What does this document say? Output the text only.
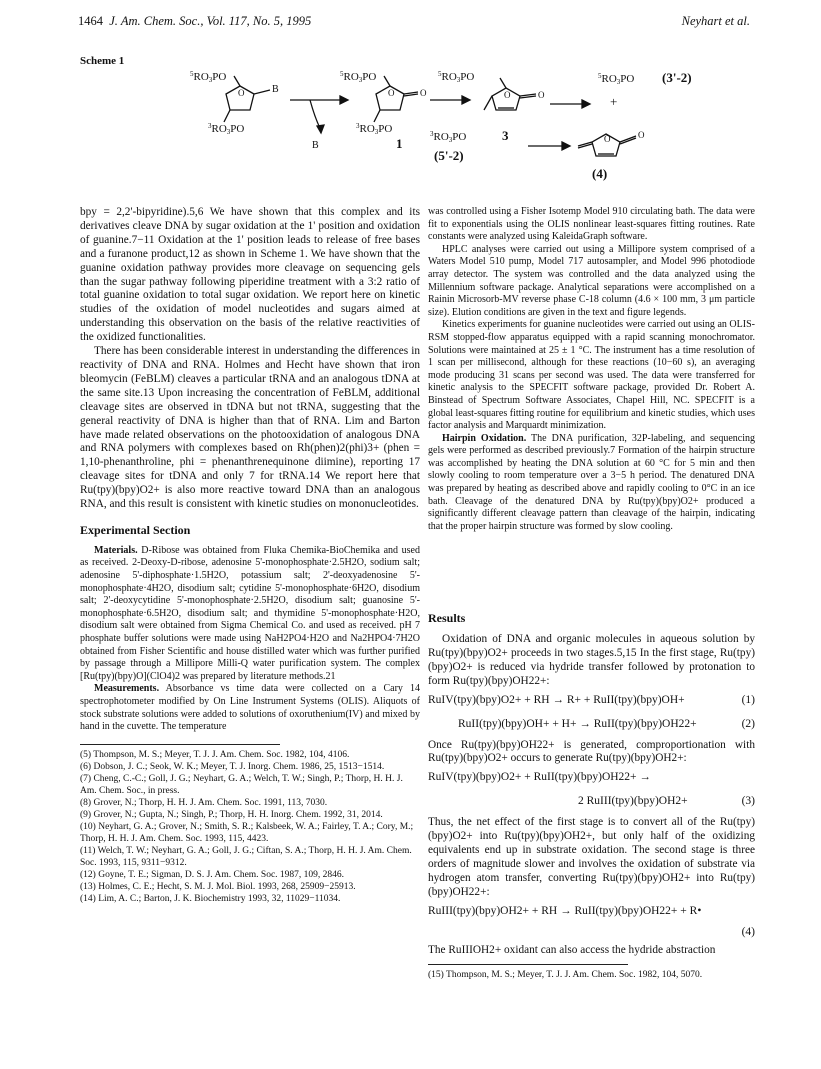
1464 J. Am. Chem. Soc., Vol. 117, No. 5, 1995	Neyhart et al.
Scheme 1
$^5$RO3PO
O	B
$^3$RO3PO
B
$^5$RO3PO
O	O
$^3$RO3PO
1
$^5$RO3PO
O	O
$^3$RO3PO	3
(5'-2)
$^5$RO3PO (3'-2)
+
O	O
(4)

bpy = 2,2'-bipyridine).5,6 We have shown that this complex and its derivatives cleave DNA by sugar oxidation at the 1' position and oxidation of guanine.7−11 Oxidation at the 1' position leads to release of free bases and a furanone product,12 as shown in Scheme 1. We have shown that the guanine oxidation pathway provides more cleavage on sequencing gels than the sugar pathway following piperidine treatment with a 3:2 ratio of total guanine oxidation to total sugar oxidation. We report here on kinetic studies of the oxidation of model nucleotides and sugars aimed at understanding this observation on the basis of the relative reactivities of the oxidized functionalities.

There has been considerable interest in understanding the differences in reactivity of DNA and RNA. Holmes and Hecht have shown that iron bleomycin (FeBLM) cleaves a particular tRNA and an analogous tDNA at the same site.13 Upon increasing the concentration of FeBLM, additional cleavage sites are observed in tDNA but not tRNA, suggesting that the general reactivity of DNA is higher than that of RNA. Lim and Barton have made related observations on the photooxidation of analogous DNA and RNA polymers with complexes based on Rh(phen)2(phi)3+ (phen = 1,10-phenanthroline, phi = phenanthrenequinone diimine), reporting 17 cleavage sites for tDNA and only 7 for tRNA.14 We report here that Ru(tpy)(bpy)O2+ is also more reactive toward DNA than an analogous RNA, and this result is consistent with kinetic studies on mononucleotides.

Experimental Section

Materials. D-Ribose was obtained from Fluka Chemika-BioChemika and used as received. 2-Deoxy-D-ribose, adenosine 5'-monophosphate·2.5H2O, sodium salt; adenosine 5'-diphosphate·1.5H2O, potassium salt; 2'-deoxyadenosine 5'-monophosphate·4H2O, disodium salt; cytidine 5'-monophosphate·6H2O, disodium salt; 2'-deoxycytidine 5'-monophosphate·2.5H2O, disodium salt; guanosine 5'-monophosphate·6.5H2O, disodium salt; and thymidine 5'-monophosphate·H2O, disodium salt were obtained from Sigma Chemical Co. and used as received. pH 7 phosphate buffer solutions were made using NaH2PO4·H2O and Na2HPO4·7H2O obtained from Fisher Scientific and house distilled water which was further purified by passage through a Millipore Milli-Q water purification system. The complex [Ru(tpy)(bpy)O](ClO4)2 was prepared by literature methods.21

Measurements. Absorbance vs time data were collected on a Cary 14 spectrophotometer modified by On Line Instrument Systems (OLIS). Aliquots of stock substrate solutions were added to solutions of oxoruthenium(IV) and mixed by hand in the cuvette. The temperature

(5) Thompson, M. S.; Meyer, T. J. J. Am. Chem. Soc. 1982, 104, 4106.
(6) Dobson, J. C.; Seok, W. K.; Meyer, T. J. Inorg. Chem. 1986, 25, 1513−1514.
(7) Cheng, C.-C.; Goll, J. G.; Neyhart, G. A.; Welch, T. W.; Singh, P.; Thorp, H. H. J. Am. Chem. Soc., in press.
(8) Grover, N.; Thorp, H. H. J. Am. Chem. Soc. 1991, 113, 7030.
(9) Grover, N.; Gupta, N.; Singh, P.; Thorp, H. H. Inorg. Chem. 1992, 31, 2014.
(10) Neyhart, G. A.; Grover, N.; Smith, S. R.; Kalsbeek, W. A.; Fairley, T. A.; Cory, M.; Thorp, H. H. J. Am. Chem. Soc. 1993, 115, 4423.
(11) Welch, T. W.; Neyhart, G. A.; Goll, J. G.; Ciftan, S. A.; Thorp, H. H. J. Am. Chem. Soc. 1993, 115, 9311−9312.
(12) Goyne, T. E.; Sigman, D. S. J. Am. Chem. Soc. 1987, 109, 2846.
(13) Holmes, C. E.; Hecht, S. M. J. Mol. Biol. 1993, 268, 25909−25913.
(14) Lim, A. C.; Barton, J. K. Biochemistry 1993, 32, 11029−11034.

was controlled using a Fisher Isotemp Model 910 circulating bath. The data were fit to exponentials using the OLIS nonlinear least-squares fitting routines. Rate constants were analyzed using KaleidaGraph software.

HPLC analyses were carried out using a Millipore system comprised of a Waters Model 510 pump, Model 717 autosampler, and Model 996 photodiode array detector. The system was controlled and the data analyzed using the Millennium software package. Analytical separations were accomplished on a Rainin Microsorb-MV reverse phase C-18 column (4.6 × 100 mm, 3 μm particle size). Elution conditions are given in the text and figure legends.

Kinetics experiments for guanine nucleotides were carried out using an OLIS-RSM stopped-flow apparatus equipped with a rapid scanning monochromator. Solutions were maintained at 25 ± 1 °C. The instrument has a time resolution of 1 scan per millisecond, although for these reactions (10−60 s), an averaging mode producing 31 scans per second was used. The data were transferred for kinetic analysis to the SPECFIT software package, provided Dr. Robert A. Binstead of Spectrum Software Associates, Chapel Hill, NC. SPECFIT is a global least-squares fitting routine for equilibrium and kinetic studies, which uses factor analysis and Marquardt minimization.

Hairpin Oxidation. The DNA purification, 32P-labeling, and sequencing gels were performed as described previously.7 Formation of the hairpin structure was accomplished by heating the DNA solution at 60 °C for 5 min and then slowly cooling to room temperature over a 3−5 h period. The denatured DNA was prepared by heating as described above and rapidly cooling to 0°C in an ice bath. Cleavage of the denatured DNA by Ru(tpy)(bpy)O2+ produced a significantly different cleavage pattern than cleavage of the hairpin, indicating that the proper hairpin structure was formed by slow cooling.

Results

Oxidation of DNA and organic molecules in aqueous solution by Ru(tpy)(bpy)O2+ proceeds in two stages.5,15 In the first stage, Ru(tpy)(bpy)O2+ is reduced via hydride transfer followed by protonation to form Ru(tpy)(bpy)OH22+:

RuIV(tpy)(bpy)O2+ + RH → R+ + RuII(tpy)(bpy)OH+	(1)
RuII(tpy)(bpy)OH+ + H+ → RuII(tpy)(bpy)OH22+	(2)

Once Ru(tpy)(bpy)OH22+ is generated, comproportionation with Ru(tpy)(bpy)O2+ occurs to generate Ru(tpy)(bpy)OH2+:

RuIV(tpy)(bpy)O2+ + RuII(tpy)(bpy)OH22+ →
2 RuIII(tpy)(bpy)OH2+	(3)

Thus, the net effect of the first stage is to convert all of the Ru(tpy)(bpy)O2+ into Ru(tpy)(bpy)OH2+, but only half of the oxidizing equivalents end up in substrate oxidation. The second stage is three orders of magnitude slower and involves the oxidation of substrate via hydrogen atom transfer, converting Ru(tpy)(bpy)OH2+ into Ru(tpy)(bpy)OH22+:

RuIII(tpy)(bpy)OH2+ + RH → RuII(tpy)(bpy)OH22+ + R•
(4)

The RuIIIOH2+ oxidant can also access the hydride abstraction

(15) Thompson, M. S.; Meyer, T. J. J. Am. Chem. Soc. 1982, 104, 5070.
